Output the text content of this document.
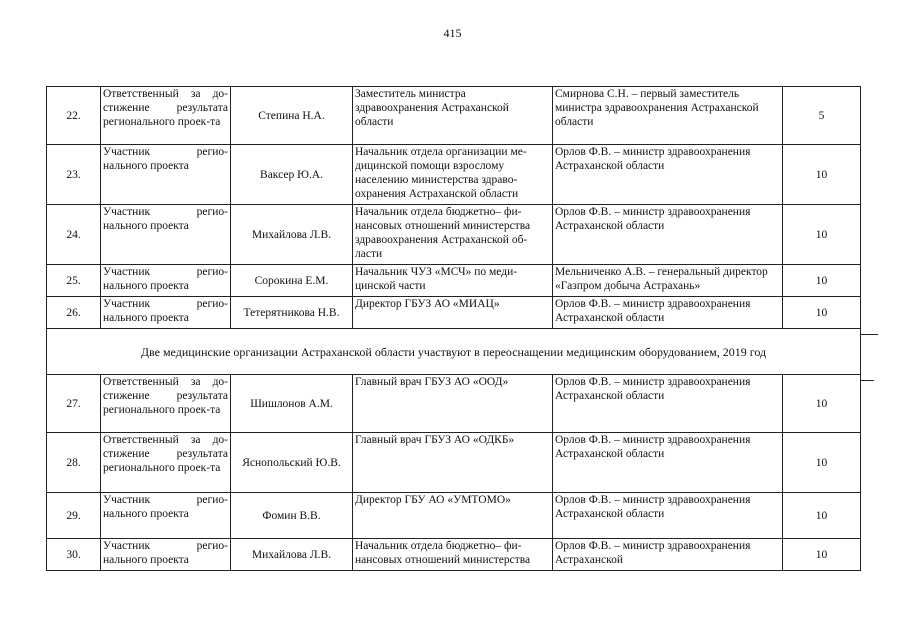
415
22.	Ответственный за до-стижение результата регионального проек-та	Степина Н.А.	Заместитель министра здравоохранения Астраханской области	Смирнова С.Н. – первый заместитель министра здравоохранения Астраханской области	5
23.	Участник регио-нального проекта	Ваксер Ю.А.	Начальник отдела организации ме-дицинской помощи взрослому населению министерства здраво-охранения Астраханской области	Орлов Ф.В. – министр здравоохранения Астраханской области	10
24.	Участник регио-нального проекта	Михайлова Л.В.	Начальник отдела бюджетно– фи-нансовых отношений министерства здравоохранения Астраханской об-ласти	Орлов Ф.В. – министр здравоохранения Астраханской области	10
25.	Участник регио-нального проекта	Сорокина Е.М.	Начальник ЧУЗ «МСЧ» по меди-цинской части	Мельниченко А.В. – генеральный директор «Газпром добыча Астрахань»	10
26.	Участник регио-нального проекта	Тетерятникова Н.В.	Директор ГБУЗ АО «МИАЦ»	Орлов Ф.В. – министр здравоохранения Астраханской области	10
Две медицинские организации Астраханской области участвуют в переоснащении медицинским оборудованием, 2019 год					
27.	Ответственный за до-стижение результата регионального проек-та	Шишлонов А.М.	Главный врач ГБУЗ АО «ООД»	Орлов Ф.В. – министр здравоохранения Астраханской области	10
28.	Ответственный за до-стижение результата регионального проек-та	Яснопольский Ю.В.	Главный врач ГБУЗ АО «ОДКБ»	Орлов Ф.В. – министр здравоохранения Астраханской области	10
29.	Участник регио-нального проекта	Фомин В.В.	Директор ГБУ АО «УМТОМО»	Орлов Ф.В. – министр здравоохранения Астраханской области	10
30.	Участник регио-нального проекта	Михайлова Л.В.	Начальник отдела бюджетно– фи-нансовых отношений министерства	Орлов Ф.В. – министр здравоохранения Астраханской	10
